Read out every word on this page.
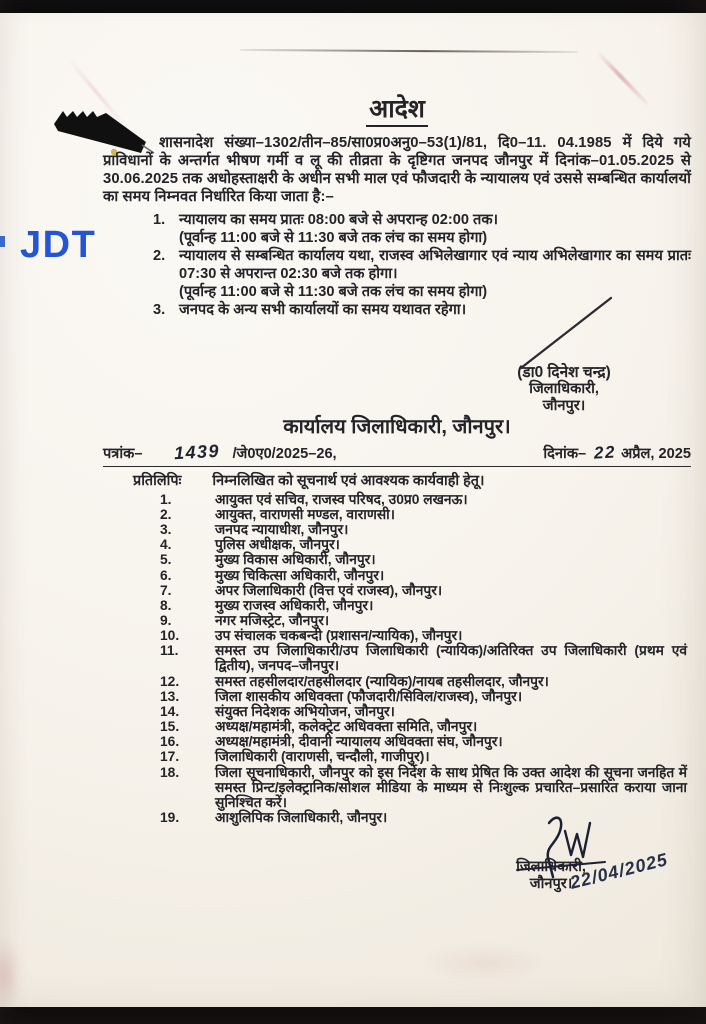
JDT
आदेश
शासनादेश संख्या–1302/तीन–85/सा0प्र0अनु0–53(1)/81, दि0–11. 04.1985 में दिये गये प्राविधानों के अन्तर्गत भीषण गर्मी व लू की तीव्रता के दृष्टिगत जनपद जौनपुर में दिनांक–01.05.2025 से 30.06.2025 तक अधोहस्ताक्षरी के अधीन सभी माल एवं फौजदारी के न्यायालय एवं उससे सम्बन्धित कार्यालयों का समय निम्नवत निर्धारित किया जाता है:–
1. न्यायालय का समय प्रातः 08:00 बजे से अपरान्ह 02:00 तक।
(पूर्वान्ह 11:00 बजे से 11:30 बजे तक लंच का समय होगा)
2. न्यायालय से सम्बन्धित कार्यालय यथा, राजस्व अभिलेखागार एवं न्याय अभिलेखागार का समय प्रातः 07:30 से अपरान्त 02:30 बजे तक होगा।
(पूर्वान्ह 11:00 बजे से 11:30 बजे तक लंच का समय होगा)
3. जनपद के अन्य सभी कार्यालयों का समय यथावत रहेगा।
(डा0 दिनेश चन्द्र)
जिलाधिकारी,
जौनपुर।
कार्यालय जिलाधिकारी, जौनपुर।
पत्रांक– 1439 /जे0ए0/2025–26,	दिनांक– 22 अप्रैल, 2025
प्रतिलिपिः निम्नलिखित को सूचनार्थ एवं आवश्यक कार्यवाही हेतू।
1.	आयुक्त एवं सचिव, राजस्व परिषद, उ0प्र0 लखनऊ।
2.	आयुक्त, वाराणसी मण्डल, वाराणसी।
3.	जनपद न्यायाधीश, जौनपुर।
4.	पुलिस अधीक्षक, जौनपुर।
5.	मुख्य विकास अधिकारी, जौनपुर।
6.	मुख्य चिकित्सा अधिकारी, जौनपुर।
7.	अपर जिलाधिकारी (वित्त एवं राजस्व), जौनपुर।
8.	मुख्य राजस्व अधिकारी, जौनपुर।
9.	नगर मजिस्ट्रेट, जौनपुर।
10.	उप संचालक चकबन्दी (प्रशासन/न्यायिक), जौनपुर।
11.	समस्त उप जिलाधिकारी/उप जिलाधिकारी (न्यायिक)/अतिरिक्त उप जिलाधिकारी (प्रथम एवं द्वितीय), जनपद–जौनपुर।
12.	समस्त तहसीलदार/तहसीलदार (न्यायिक)/नायब तहसीलदार, जौनपुर।
13.	जिला शासकीय अधिवक्ता (फौजदारी/सिविल/राजस्व), जौनपुर।
14.	संयुक्त निदेशक अभियोजन, जौनपुर।
15.	अध्यक्ष/महामंत्री, कलेक्ट्रेट अधिवक्ता समिति, जौनपुर।
16.	अध्यक्ष/महामंत्री, दीवानी न्यायालय अधिवक्ता संघ, जौनपुर।
17.	जिलाधिकारी (वाराणसी, चन्दौली, गाजीपुर)।
18.	जिला सूचनाधिकारी, जौनपुर को इस निर्देश के साथ प्रेषित कि उक्त आदेश की सूचना जनहित में समस्त प्रिन्ट/इलेक्ट्रानिक/सोशल मीडिया के माध्यम से निःशुल्क प्रचारित–प्रसारित कराया जाना सुनिश्चित करें।
19.	आशुलिपिक जिलाधिकारी, जौनपुर।
जिलाधिकारी,
जौनपुर।
22/04/2025
